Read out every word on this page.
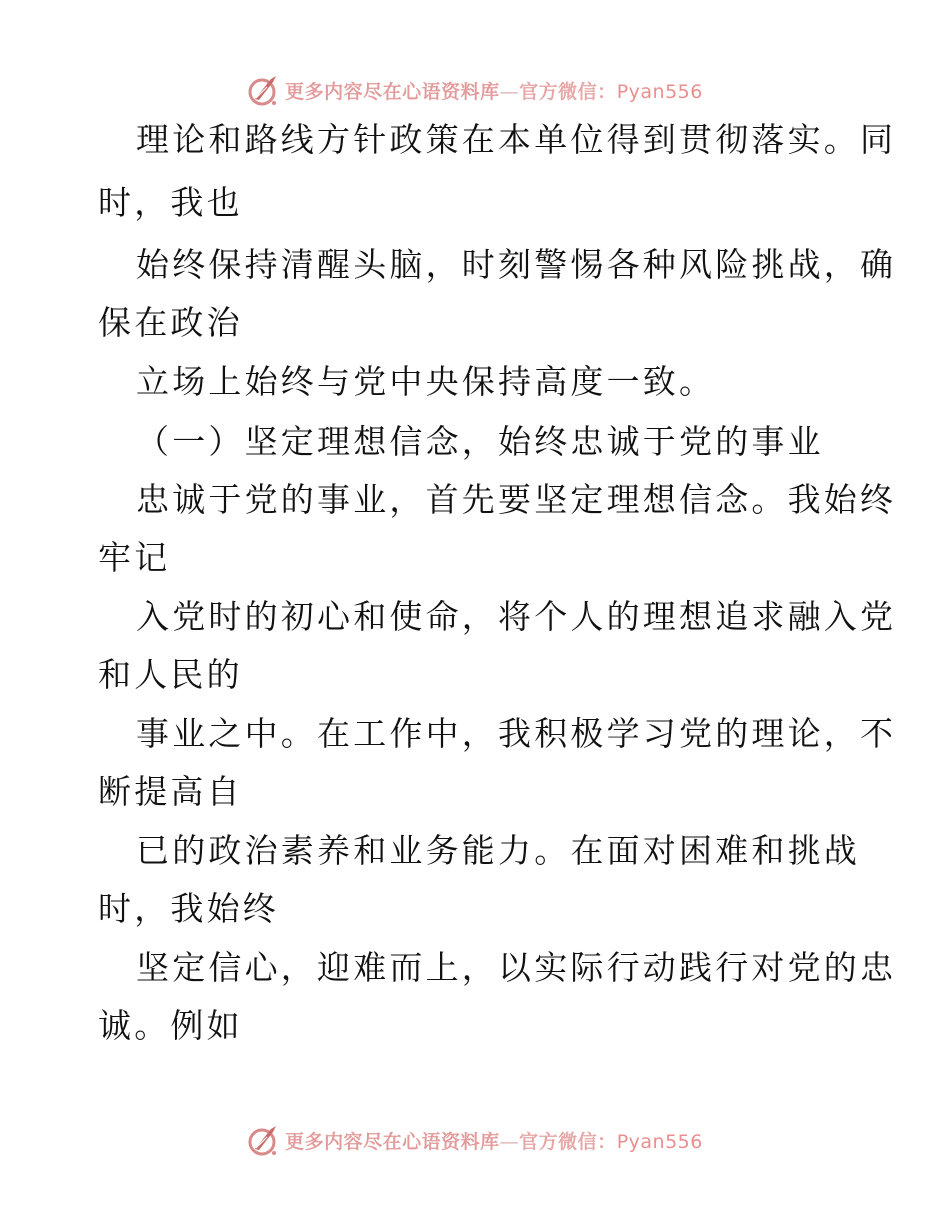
更多内容尽在心语资料库—官方微信：Pyan556
理论和路线方针政策在本单位得到贯彻落实。同
时，我也
始终保持清醒头脑，时刻警惕各种风险挑战，确
保在政治
立场上始终与党中央保持高度一致。
（一）坚定理想信念，始终忠诚于党的事业
忠诚于党的事业，首先要坚定理想信念。我始终
牢记
入党时的初心和使命，将个人的理想追求融入党
和人民的
事业之中。在工作中，我积极学习党的理论，不
断提高自
已的政治素养和业务能力。在面对困难和挑战
时，我始终
坚定信心，迎难而上，以实际行动践行对党的忠
诚。例如
更多内容尽在心语资料库—官方微信：Pyan556
